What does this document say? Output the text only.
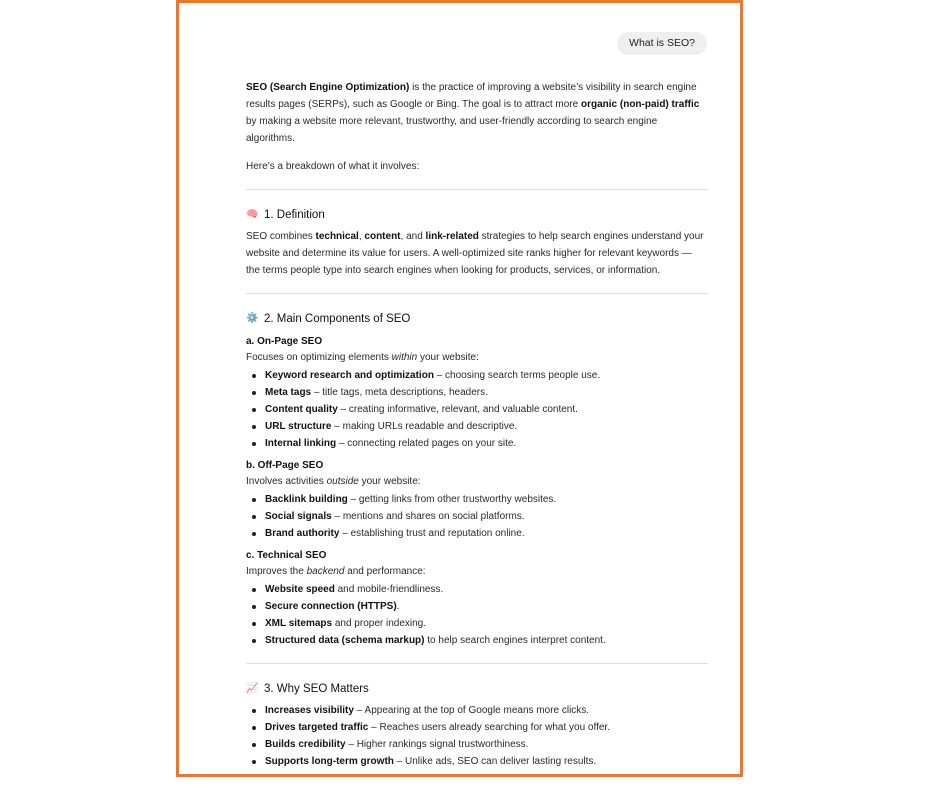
What is SEO?

SEO (Search Engine Optimization) is the practice of improving a website’s visibility in search engine results pages (SERPs), such as Google or Bing. The goal is to attract more organic (non-paid) traffic by making a website more relevant, trustworthy, and user-friendly according to search engine algorithms.

Here’s a breakdown of what it involves:

🧠 1. Definition

SEO combines technical, content, and link-related strategies to help search engines understand your website and determine its value for users. A well-optimized site ranks higher for relevant keywords — the terms people type into search engines when looking for products, services, or information.

⚙️ 2. Main Components of SEO
a. On-Page SEO

Focuses on optimizing elements within your website:

Keyword research and optimization – choosing search terms people use.
Meta tags – title tags, meta descriptions, headers.
Content quality – creating informative, relevant, and valuable content.
URL structure – making URLs readable and descriptive.
Internal linking – connecting related pages on your site.
b. Off-Page SEO

Involves activities outside your website:

Backlink building – getting links from other trustworthy websites.
Social signals – mentions and shares on social platforms.
Brand authority – establishing trust and reputation online.
c. Technical SEO

Improves the backend and performance:

Website speed and mobile-friendliness.
Secure connection (HTTPS).
XML sitemaps and proper indexing.
Structured data (schema markup) to help search engines interpret content.
📈 3. Why SEO Matters
Increases visibility – Appearing at the top of Google means more clicks.
Drives targeted traffic – Reaches users already searching for what you offer.
Builds credibility – Higher rankings signal trustworthiness.
Supports long-term growth – Unlike ads, SEO can deliver lasting results.
